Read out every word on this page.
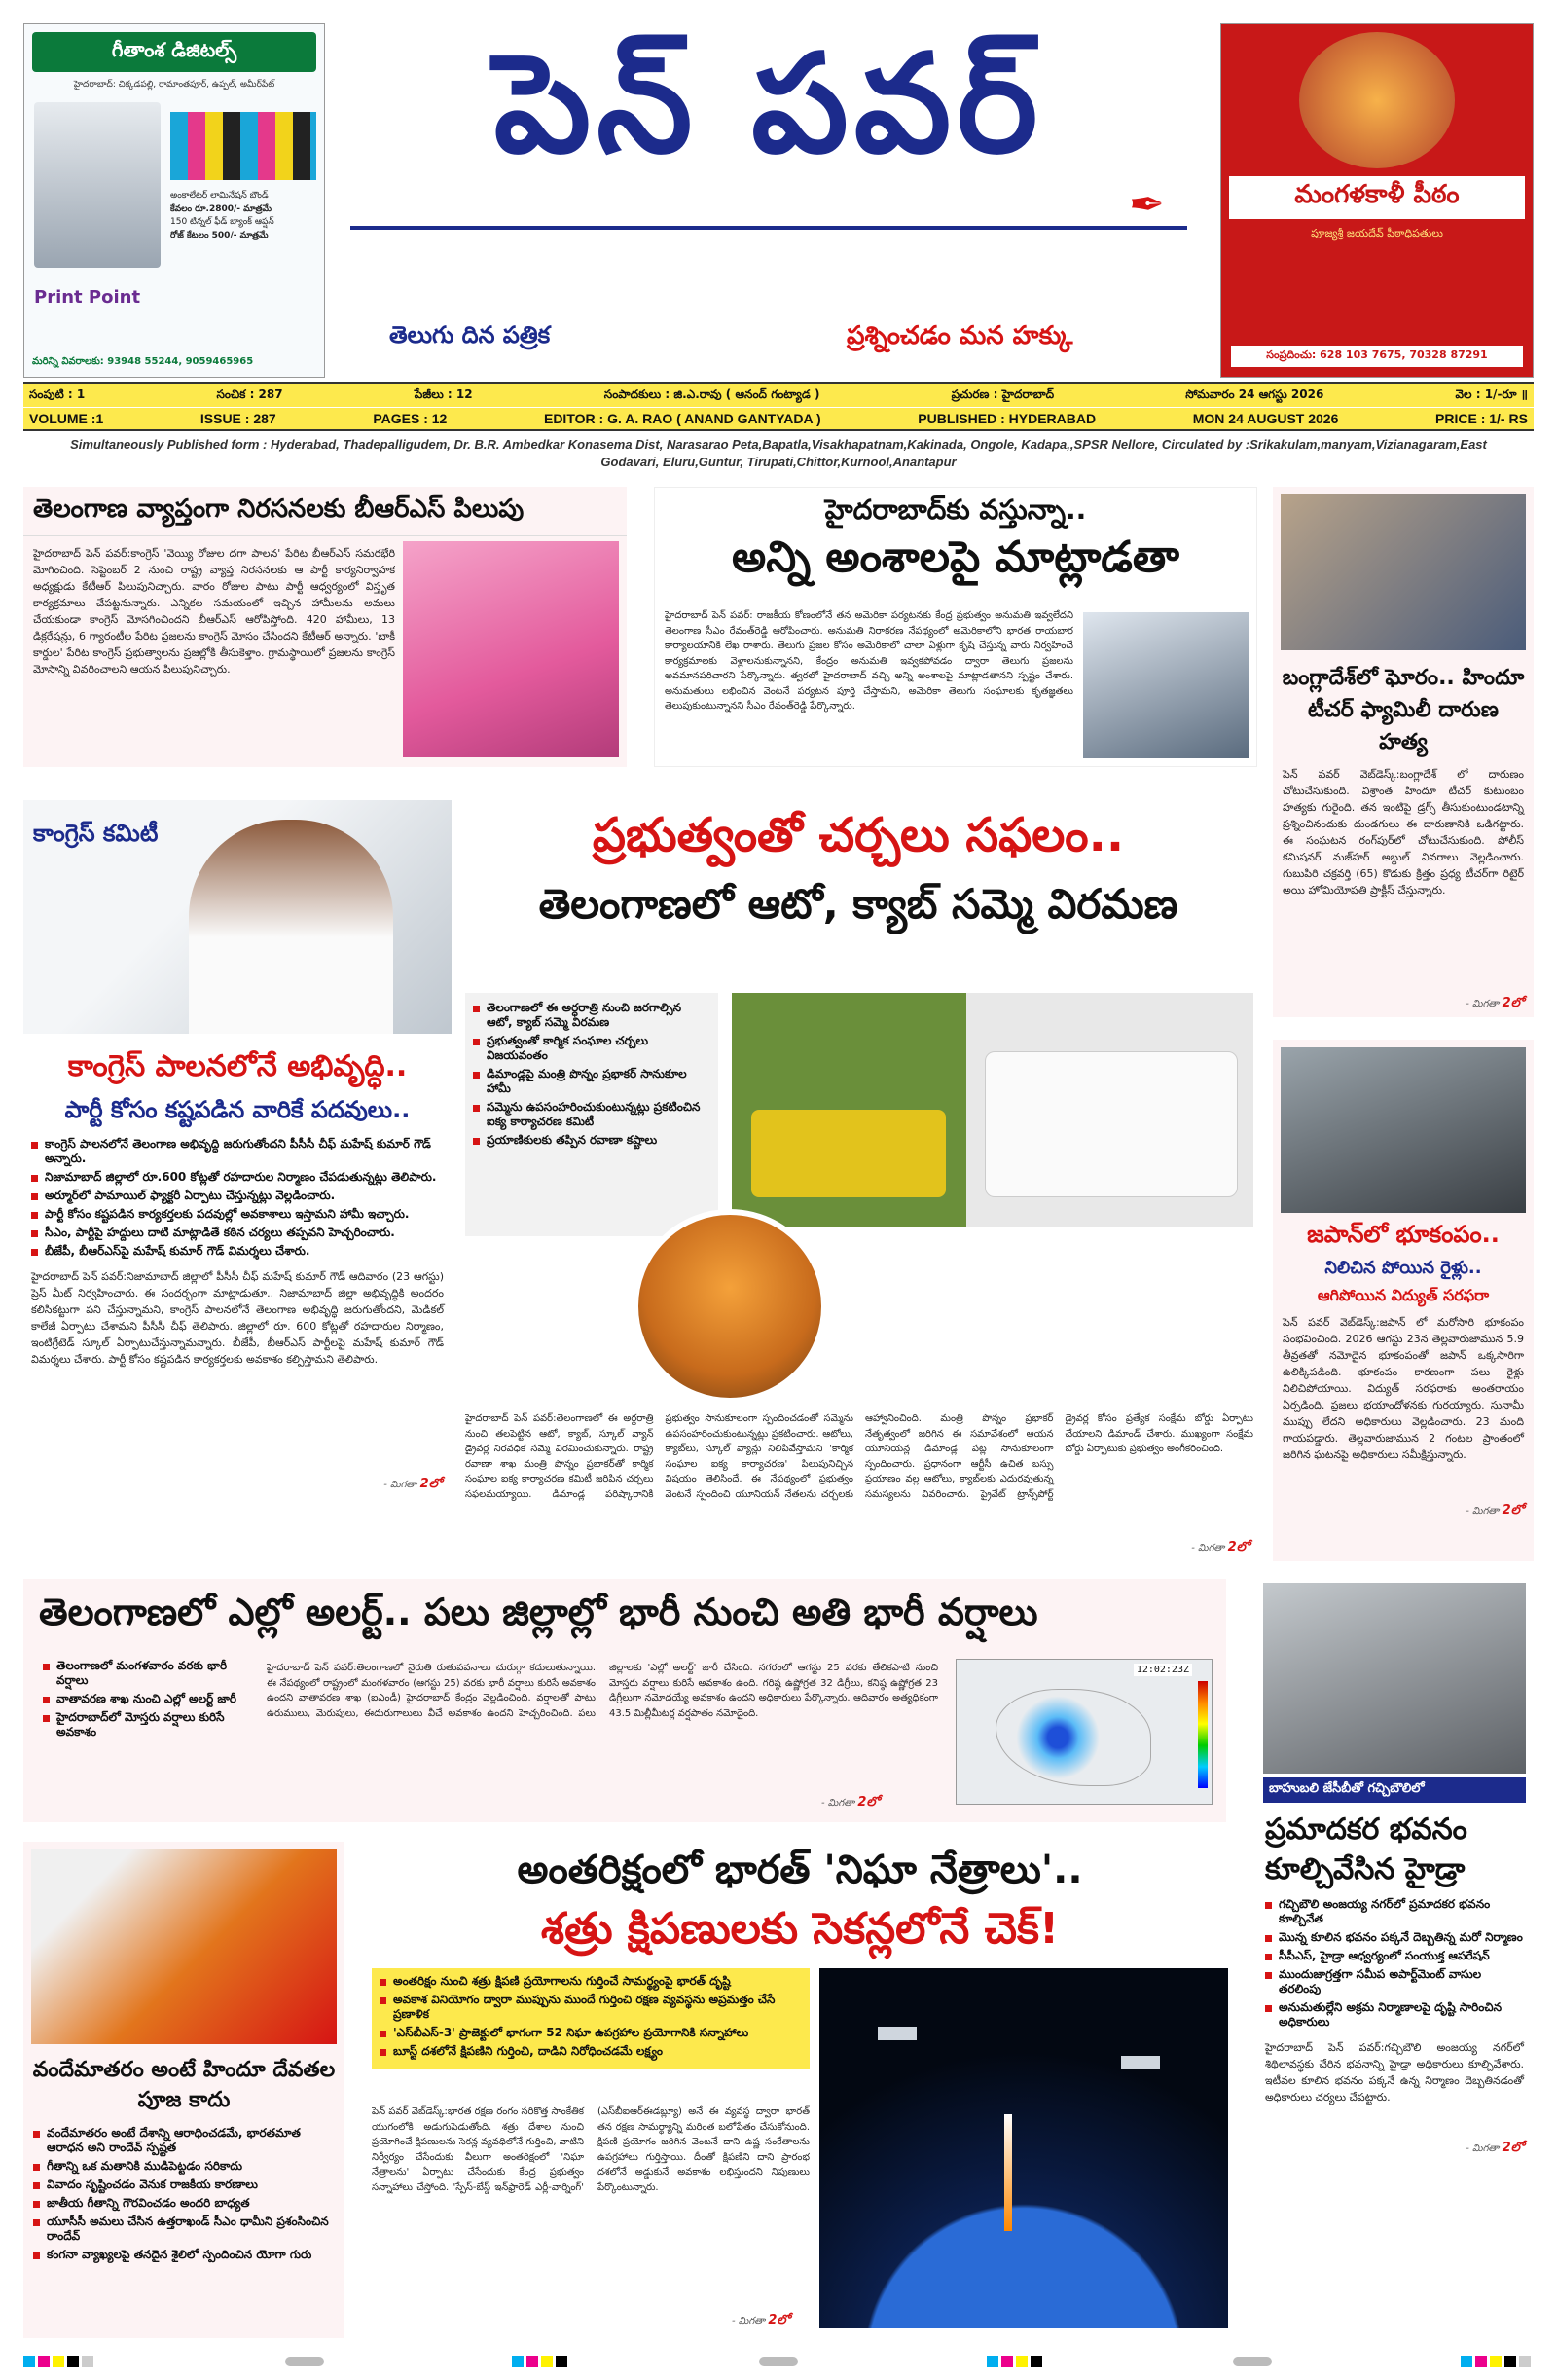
గీతాంశ డిజిటల్స్
హైదరాబాద్: చిక్కడపల్లి, రామాంతపూర్, ఉప్పల్, అమీర్‌పేట్
అంకాలేటర్ లామినేషన్ బౌండ్
కేవలం రూ.2800/- మాత్రమే
150 టిన్నల్ ఫీడ్ బ్యాంక్ ఆప్షన్
రోజ్ కేటలం 500/- మాత్రమే
Print Point
మరిన్ని వివరాలకు: 93948 55244, 9059465965
పెన్ పవర్
✒
తెలుగు దిన పత్రిక	ప్రశ్నించడం మన హక్కు
మంగళకాళీ పీఠం
పూజ్యశ్రీ జయదేవ్ పీఠాధిపతులు
సంప్రదించు: 628 103 7675, 70328 87291
సంపుటి : 1	సంచిక : 287	పేజీలు : 12	సంపాదకులు : జి.ఎ.రావు ( ఆనంద్ గంట్యాడ )	ప్రచురణ : హైదరాబాద్	సోమవారం 24 ఆగస్టు 2026	వెల : 1/-రూ ॥
VOLUME :1	ISSUE : 287	PAGES : 12	EDITOR : G. A. RAO ( ANAND GANTYADA )	PUBLISHED : HYDERABAD	MON 24 AUGUST 2026	PRICE : 1/- RS
Simultaneously Published form : Hyderabad, Thadepalligudem, Dr. B.R. Ambedkar Konasema Dist, Narasarao Peta,Bapatla,Visakhapatnam,Kakinada, Ongole, Kadapa,,SPSR Nellore, Circulated by :Srikakulam,manyam,Vizianagaram,East Godavari, Eluru,Guntur, Tirupati,Chittor,Kurnool,Anantapur
తెలంగాణ వ్యాప్తంగా నిరసనలకు బీఆర్ఎస్ పిలుపు
హైదరాబాద్ పెన్ పవర్:కాంగ్రెస్ 'వెయ్యి రోజుల దగా పాలన' పేరిట బీఆర్ఎస్ సమరభేరి మోగించింది. సెప్టెంబర్ 2 నుంచి రాష్ట్ర వ్యాప్త నిరసనలకు ఆ పార్టీ కార్యనిర్వాహక అధ్యక్షుడు కేటీఆర్ పిలుపునిచ్చారు. వారం రోజుల పాటు పార్టీ ఆధ్వర్యంలో విస్తృత కార్యక్రమాలు చేపట్టనున్నారు. ఎన్నికల సమయంలో ఇచ్చిన హామీలను అమలు చేయకుండా కాంగ్రెస్ మోసగించిందని బీఆర్ఎస్ ఆరోపిస్తోంది. 420 హామీలు, 13 డిక్లరేషన్లు, 6 గ్యారంటీల పేరిట ప్రజలను కాంగ్రెస్ మోసం చేసిందని కేటీఆర్ అన్నారు. 'బాకీ కార్డుల' పేరిట కాంగ్రెస్ ప్రభుత్వాలను ప్రజల్లోకి తీసుకెళ్తాం. గ్రామస్థాయిలో ప్రజలను కాంగ్రెస్ మోసాన్ని వివరించాలని ఆయన పిలుపునిచ్చారు.
హైదరాబాద్‌కు వస్తున్నా..
అన్ని అంశాలపై మాట్లాడతా
హైదరాబాద్ పెన్ పవర్: రాజకీయ కోణంలోనే తన అమెరికా పర్యటనకు కేంద్ర ప్రభుత్వం అనుమతి ఇవ్వలేదని తెలంగాణ సీఎం రేవంత్‌రెడ్డి ఆరోపించారు. అనుమతి నిరాకరణ నేపథ్యంలో అమెరికాలోని భారత రాయబార కార్యాలయానికి లేఖ రాశారు. తెలుగు ప్రజల కోసం అమెరికాలో చాలా ఏళ్లుగా కృషి చేస్తున్న వారు నిర్వహించే కార్యక్రమాలకు వెళ్లాలనుకున్నానని, కేంద్రం అనుమతి ఇవ్వకపోవడం ద్వారా తెలుగు ప్రజలను అవమానపరిచారని పేర్కొన్నారు. త్వరలో హైదరాబాద్ వచ్చి అన్ని అంశాలపై మాట్లాడతానని స్పష్టం చేశారు. అనుమతులు లభించిన వెంటనే పర్యటన పూర్తి చేస్తామని, అమెరికా తెలుగు సంఘాలకు కృతజ్ఞతలు తెలుపుకుంటున్నానని సీఎం రేవంత్‌రెడ్డి పేర్కొన్నారు.
బంగ్లాదేశ్‌లో ఘోరం.. హిందూ టీచర్ ఫ్యామిలీ దారుణ హత్య
పెన్ పవర్ వెబ్‌డెస్క్:బంగ్లాదేశ్ లో దారుణం చోటుచేసుకుంది. విశ్రాంత హిందూ టీచర్ కుటుంబం హత్యకు గురైంది. తన ఇంటిపై డ్రగ్స్ తీసుకుంటుండటాన్ని ప్రశ్నించినందుకు దుండగులు ఈ దారుణానికి ఒడిగట్టారు. ఈ సంఘటన రంగ్‌పుర్‌లో చోటుచేసుకుంది. పోలీస్ కమిషనర్ మజ్‌హర్ అబ్దుల్ వివరాలు వెల్లడించారు. గుబుపిరి చక్రవర్తి (65) కొడుకు క్రిత్తం ప్రధ్య టీచర్‌గా రిటైర్ అయి హోమియోపతి ప్రాక్టీస్ చేస్తున్నారు.
- మిగతా 2లో
కాంగ్రెస్ కమిటీ
కాంగ్రెస్ పాలనలోనే అభివృద్ధి..
పార్టీ కోసం కష్టపడిన వారికే పదవులు..
కాంగ్రెస్ పాలనలోనే తెలంగాణ అభివృద్ధి జరుగుతోందని పీసీసీ చీఫ్ మహేష్ కుమార్ గౌడ్ అన్నారు.
నిజామాబాద్ జిల్లాలో రూ.600 కోట్లతో రహదారుల నిర్మాణం చేపడుతున్నట్లు తెలిపారు.
అర్మూర్‌లో పామాయిల్ ఫ్యాక్టరీ ఏర్పాటు చేస్తున్నట్లు వెల్లడించారు.
పార్టీ కోసం కష్టపడిన కార్యకర్తలకు పదవుల్లో అవకాశాలు ఇస్తామని హామీ ఇచ్చారు.
సీఎం, పార్టీపై హద్దులు దాటి మాట్లాడితే కఠిన చర్యలు తప్పవని హెచ్చరించారు.
బీజేపీ, బీఆర్ఎస్‌పై మహేష్ కుమార్ గౌడ్ విమర్శలు చేశారు.
హైదరాబాద్ పెన్ పవర్:నిజామాబాద్ జిల్లాలో పీసీసీ చీఫ్ మహేష్ కుమార్ గౌడ్ ఆదివారం (23 ఆగస్టు) ప్రెస్ మీట్ నిర్వహించారు. ఈ సందర్భంగా మాట్లాడుతూ.. నిజామాబాద్ జిల్లా అభివృద్ధికి అందరం కలిసికట్టుగా పని చేస్తున్నామని, కాంగ్రెస్ పాలనలోనే తెలంగాణ అభివృద్ధి జరుగుతోందని, మెడికల్ కాలేజీ ఏర్పాటు చేశామని పీసీసీ చీఫ్ తెలిపారు. జిల్లాలో రూ. 600 కోట్లతో రహదారుల నిర్మాణం, ఇంటిగ్రేటెడ్ స్కూల్ ఏర్పాటుచేస్తున్నామన్నారు. బీజేపీ, బీఆర్ఎస్ పార్టీలపై మహేష్ కుమార్ గౌడ్ విమర్శలు చేశారు. పార్టీ కోసం కష్టపడిన కార్యకర్తలకు అవకాశం కల్పిస్తామని తెలిపారు.
- మిగతా 2లో
ప్రభుత్వంతో చర్చలు సఫలం..
తెలంగాణలో ఆటో, క్యాబ్ సమ్మె విరమణ
తెలంగాణలో ఈ అర్ధరాత్రి నుంచి జరగాల్సిన ఆటో, క్యాబ్ సమ్మె విరమణ
ప్రభుత్వంతో కార్మిక సంఘాల చర్చలు విజయవంతం
డిమాండ్లపై మంత్రి పొన్నం ప్రభాకర్ సానుకూల హామీ
సమ్మెను ఉపసంహరించుకుంటున్నట్లు ప్రకటించిన ఐక్య కార్యాచరణ కమిటీ
ప్రయాణికులకు తప్పిన రవాణా కష్టాలు
హైదరాబాద్ పెన్ పవర్:తెలంగాణలో ఈ అర్ధరాత్రి నుంచి తలపెట్టిన ఆటో, క్యాబ్, స్కూల్ వ్యాన్ డ్రైవర్ల నిరవధిక సమ్మె విరమించుకున్నారు. రాష్ట్ర రవాణా శాఖ మంత్రి పొన్నం ప్రభాకర్‌తో కార్మిక సంఘాల ఐక్య కార్యాచరణ కమిటీ జరిపిన చర్చలు సఫలమయ్యాయి. డిమాండ్ల పరిష్కారానికి ప్రభుత్వం సానుకూలంగా స్పందించడంతో సమ్మెను ఉపసంహరించుకుంటున్నట్లు ప్రకటించారు. ఆటోలు, క్యాబ్‌లు, స్కూల్ వ్యాన్లు నిలిపివేస్తామని 'కార్మిక సంఘాల ఐక్య కార్యాచరణ' పిలుపునిచ్చిన విషయం తెలిసిందే. ఈ నేపథ్యంలో ప్రభుత్వం వెంటనే స్పందించి యూనియన్ నేతలను చర్చలకు ఆహ్వానించింది. మంత్రి పొన్నం ప్రభాకర్ నేతృత్వంలో జరిగిన ఈ సమావేశంలో ఆయన యూనియన్ల డిమాండ్ల పట్ల సానుకూలంగా స్పందించారు. ప్రధానంగా ఆర్టీసీ ఉచిత బస్సు ప్రయాణం వల్ల ఆటోలు, క్యాబ్‌లకు ఎదురవుతున్న సమస్యలను వివరించారు. ప్రైవేట్ ట్రాన్స్‌పోర్ట్ డ్రైవర్ల కోసం ప్రత్యేక సంక్షేమ బోర్డు ఏర్పాటు చేయాలని డిమాండ్ చేశారు. ముఖ్యంగా సంక్షేమ బోర్డు ఏర్పాటుకు ప్రభుత్వం అంగీకరించింది.
- మిగతా 2లో
జపాన్‌లో భూకంపం..
నిలిచిన పోయిన రైళ్లు..
ఆగిపోయిన విద్యుత్ సరఫరా
పెన్ పవర్ వెబ్‌డెస్క్:జపాన్ లో మరోసారి భూకంపం సంభవించింది. 2026 ఆగస్టు 23న తెల్లవారుజామున 5.9 తీవ్రతతో నమోదైన భూకంపంతో జపాన్ ఒక్కసారిగా ఉలిక్కిపడింది. భూకంపం కారణంగా పలు రైళ్లు నిలిచిపోయాయి. విద్యుత్ సరఫరాకు అంతరాయం ఏర్పడింది. ప్రజలు భయాందోళనకు గురయ్యారు. సునామీ ముప్పు లేదని అధికారులు వెల్లడించారు. 23 మంది గాయపడ్డారు. తెల్లవారుజామున 2 గంటల ప్రాంతంలో జరిగిన ఘటనపై అధికారులు సమీక్షిస్తున్నారు.
- మిగతా 2లో
తెలంగాణలో ఎల్లో అలర్ట్.. పలు జిల్లాల్లో భారీ నుంచి అతి భారీ వర్షాలు
తెలంగాణలో మంగళవారం వరకు భారీ వర్షాలు
వాతావరణ శాఖ నుంచి ఎల్లో అలర్ట్ జారీ
హైదరాబాద్‌లో మోస్తరు వర్షాలు కురిసే అవకాశం
హైదరాబాద్ పెన్ పవర్:తెలంగాణలో నైరుతి రుతుపవనాలు చురుగ్గా కదులుతున్నాయి. ఈ నేపథ్యంలో రాష్ట్రంలో మంగళవారం (ఆగస్టు 25) వరకు భారీ వర్షాలు కురిసే అవకాశం ఉందని వాతావరణ శాఖ (ఐఎండీ) హైదరాబాద్ కేంద్రం వెల్లడించింది. వర్షాలతో పాటు ఉరుములు, మెరుపులు, ఈదురుగాలులు వీచే అవకాశం ఉందని హెచ్చరించింది. పలు జిల్లాలకు 'ఎల్లో అలర్ట్' జారీ చేసింది. నగరంలో ఆగస్టు 25 వరకు తేలికపాటి నుంచి మోస్తరు వర్షాలు కురిసే అవకాశం ఉంది. గరిష్ఠ ఉష్ణోగ్రత 32 డిగ్రీలు, కనిష్ఠ ఉష్ణోగ్రత 23 డిగ్రీలుగా నమోదయ్యే అవకాశం ఉందని అధికారులు పేర్కొన్నారు. ఆదివారం అత్యధికంగా 43.5 మిల్లీమీటర్ల వర్షపాతం నమోదైంది.
12:02:23Z
- మిగతా 2లో
బాహుబలి జేసీబీతో గచ్చిబౌలిలో
ప్రమాదకర భవనం కూల్చివేసిన హైడ్రా
గచ్చిబౌలి అంజయ్య నగర్‌లో ప్రమాదకర భవనం కూల్చివేత
మొన్న కూలిన భవనం పక్కనే దెబ్బతిన్న మరో నిర్మాణం
సీపీఎస్, హైడ్రా ఆధ్వర్యంలో సంయుక్త ఆపరేషన్
ముందుజాగ్రత్తగా సమీప అపార్ట్‌మెంట్ వాసుల తరలింపు
అనుమతుల్లేని అక్రమ నిర్మాణాలపై దృష్టి సారించిన అధికారులు
హైదరాబాద్ పెన్ పవర్:గచ్చిబౌలి అంజయ్య నగర్‌లో శిథిలావస్థకు చేరిన భవనాన్ని హైడ్రా అధికారులు కూల్చివేశారు. ఇటీవల కూలిన భవనం పక్కనే ఉన్న నిర్మాణం దెబ్బతినడంతో అధికారులు చర్యలు చేపట్టారు.
- మిగతా 2లో
వందేమాతరం అంటే హిందూ దేవతల పూజ కాదు
వందేమాతరం అంటే దేశాన్ని ఆరాధించడమే, భారతమాత ఆరాధన అని రాందేవ్ స్పష్టత
గీతాన్ని ఒక మతానికి ముడిపెట్టడం సరికాదు
వివాదం సృష్టించడం వెనుక రాజకీయ కారణాలు
జాతీయ గీతాన్ని గౌరవించడం అందరి బాధ్యత
యూసీసీ అమలు చేసిన ఉత్తరాఖండ్ సీఎం ధామీని ప్రశంసించిన రాందేవ్
కంగనా వ్యాఖ్యలపై తనదైన శైలిలో స్పందించిన యోగా గురు
అంతరిక్షంలో భారత్ 'నిఘా నేత్రాలు'..
శత్రు క్షిపణులకు సెకన్లలోనే చెక్!
అంతరిక్షం నుంచి శత్రు క్షిపణి ప్రయోగాలను గుర్తించే సామర్థ్యంపై భారత్ దృష్టి
అవకాశ వినియోగం ద్వారా ముప్పును ముందే గుర్తించి రక్షణ వ్యవస్థను అప్రమత్తం చేసే ప్రణాళిక
'ఎస్‌బీఎస్-3' ప్రాజెక్టులో భాగంగా 52 నిఘా ఉపగ్రహాల ప్రయోగానికి సన్నాహాలు
బూస్ట్ దశలోనే క్షిపణిని గుర్తించి, దాడిని నిరోధించడమే లక్ష్యం
పెన్ పవర్ వెబ్‌డెస్క్:భారత రక్షణ రంగం సరికొత్త సాంకేతిక యుగంలోకి అడుగుపెడుతోంది. శత్రు దేశాల నుంచి ప్రయోగించే క్షిపణులను సెకన్ల వ్యవధిలోనే గుర్తించి, వాటిని నిర్వీర్యం చేసేందుకు వీలుగా అంతరిక్షంలో 'నిఘా నేత్రాలను' ఏర్పాటు చేసేందుకు కేంద్ర ప్రభుత్వం సన్నాహాలు చేస్తోంది. 'స్పేస్-బేస్డ్ ఇన్‌ఫ్రారెడ్ ఎర్లీ-వార్నింగ్' (ఎస్‌బీఐఆర్‌ఈడబ్ల్యూ) అనే ఈ వ్యవస్థ ద్వారా భారత్ తన రక్షణ సామర్థ్యాన్ని మరింత బలోపేతం చేసుకోనుంది. క్షిపణి ప్రయోగం జరిగిన వెంటనే దాని ఉష్ణ సంకేతాలను ఉపగ్రహాలు గుర్తిస్తాయి. దీంతో క్షిపణిని దాని ప్రారంభ దశలోనే అడ్డుకునే అవకాశం లభిస్తుందని నిపుణులు పేర్కొంటున్నారు.
- మిగతా 2లో
